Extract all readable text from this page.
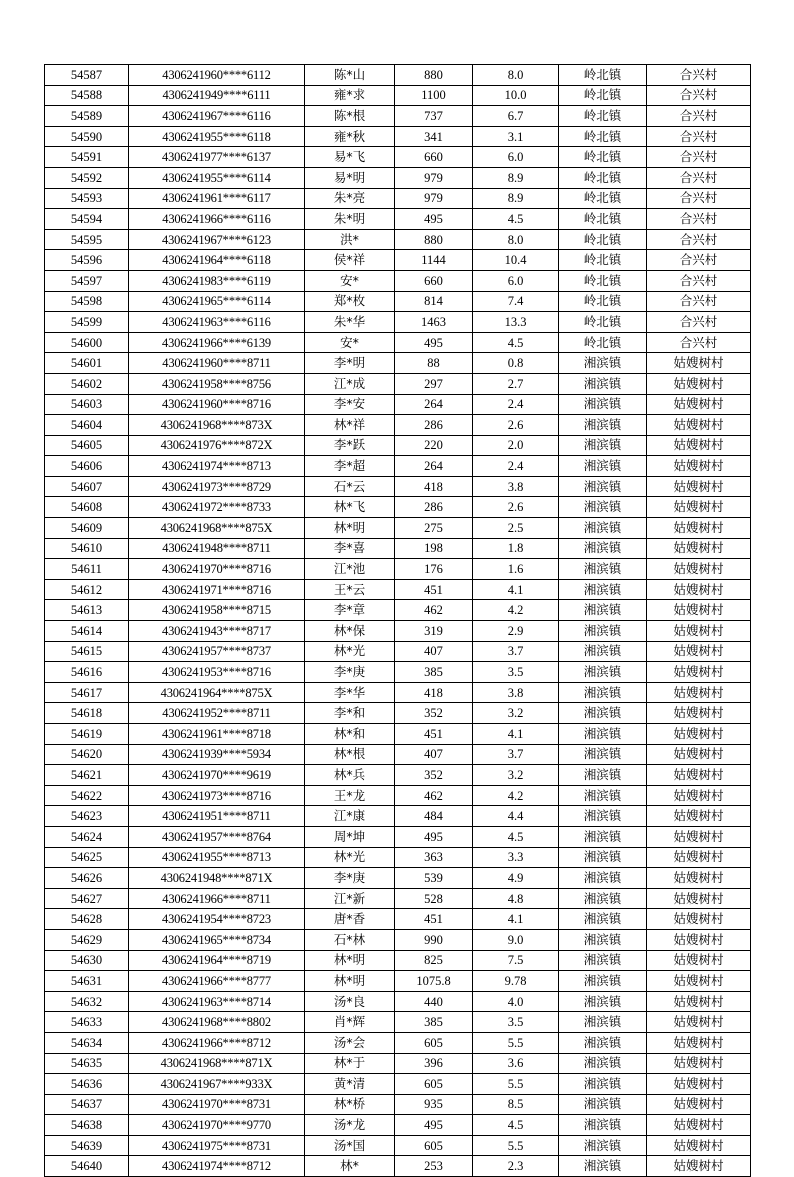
54587	4306241960****6112	陈*山	880	8.0	岭北镇	合兴村
54588	4306241949****6111	雍*求	1100	10.0	岭北镇	合兴村
54589	4306241967****6116	陈*根	737	6.7	岭北镇	合兴村
54590	4306241955****6118	雍*秋	341	3.1	岭北镇	合兴村
54591	4306241977****6137	易*飞	660	6.0	岭北镇	合兴村
54592	4306241955****6114	易*明	979	8.9	岭北镇	合兴村
54593	4306241961****6117	朱*亮	979	8.9	岭北镇	合兴村
54594	4306241966****6116	朱*明	495	4.5	岭北镇	合兴村
54595	4306241967****6123	洪*	880	8.0	岭北镇	合兴村
54596	4306241964****6118	侯*祥	1144	10.4	岭北镇	合兴村
54597	4306241983****6119	安*	660	6.0	岭北镇	合兴村
54598	4306241965****6114	郑*枚	814	7.4	岭北镇	合兴村
54599	4306241963****6116	朱*华	1463	13.3	岭北镇	合兴村
54600	4306241966****6139	安*	495	4.5	岭北镇	合兴村
54601	4306241960****8711	李*明	88	0.8	湘滨镇	姑嫂树村
54602	4306241958****8756	江*成	297	2.7	湘滨镇	姑嫂树村
54603	4306241960****8716	李*安	264	2.4	湘滨镇	姑嫂树村
54604	4306241968****873X	林*祥	286	2.6	湘滨镇	姑嫂树村
54605	4306241976****872X	李*跃	220	2.0	湘滨镇	姑嫂树村
54606	4306241974****8713	李*超	264	2.4	湘滨镇	姑嫂树村
54607	4306241973****8729	石*云	418	3.8	湘滨镇	姑嫂树村
54608	4306241972****8733	林*飞	286	2.6	湘滨镇	姑嫂树村
54609	4306241968****875X	林*明	275	2.5	湘滨镇	姑嫂树村
54610	4306241948****8711	李*喜	198	1.8	湘滨镇	姑嫂树村
54611	4306241970****8716	江*池	176	1.6	湘滨镇	姑嫂树村
54612	4306241971****8716	王*云	451	4.1	湘滨镇	姑嫂树村
54613	4306241958****8715	李*章	462	4.2	湘滨镇	姑嫂树村
54614	4306241943****8717	林*保	319	2.9	湘滨镇	姑嫂树村
54615	4306241957****8737	林*光	407	3.7	湘滨镇	姑嫂树村
54616	4306241953****8716	李*庚	385	3.5	湘滨镇	姑嫂树村
54617	4306241964****875X	李*华	418	3.8	湘滨镇	姑嫂树村
54618	4306241952****8711	李*和	352	3.2	湘滨镇	姑嫂树村
54619	4306241961****8718	林*和	451	4.1	湘滨镇	姑嫂树村
54620	4306241939****5934	林*根	407	3.7	湘滨镇	姑嫂树村
54621	4306241970****9619	林*兵	352	3.2	湘滨镇	姑嫂树村
54622	4306241973****8716	王*龙	462	4.2	湘滨镇	姑嫂树村
54623	4306241951****8711	江*康	484	4.4	湘滨镇	姑嫂树村
54624	4306241957****8764	周*坤	495	4.5	湘滨镇	姑嫂树村
54625	4306241955****8713	林*光	363	3.3	湘滨镇	姑嫂树村
54626	4306241948****871X	李*庚	539	4.9	湘滨镇	姑嫂树村
54627	4306241966****8711	江*新	528	4.8	湘滨镇	姑嫂树村
54628	4306241954****8723	唐*香	451	4.1	湘滨镇	姑嫂树村
54629	4306241965****8734	石*林	990	9.0	湘滨镇	姑嫂树村
54630	4306241964****8719	林*明	825	7.5	湘滨镇	姑嫂树村
54631	4306241966****8777	林*明	1075.8	9.78	湘滨镇	姑嫂树村
54632	4306241963****8714	汤*良	440	4.0	湘滨镇	姑嫂树村
54633	4306241968****8802	肖*辉	385	3.5	湘滨镇	姑嫂树村
54634	4306241966****8712	汤*会	605	5.5	湘滨镇	姑嫂树村
54635	4306241968****871X	林*于	396	3.6	湘滨镇	姑嫂树村
54636	4306241967****933X	黄*清	605	5.5	湘滨镇	姑嫂树村
54637	4306241970****8731	林*桥	935	8.5	湘滨镇	姑嫂树村
54638	4306241970****9770	汤*龙	495	4.5	湘滨镇	姑嫂树村
54639	4306241975****8731	汤*国	605	5.5	湘滨镇	姑嫂树村
54640	4306241974****8712	林*	253	2.3	湘滨镇	姑嫂树村
